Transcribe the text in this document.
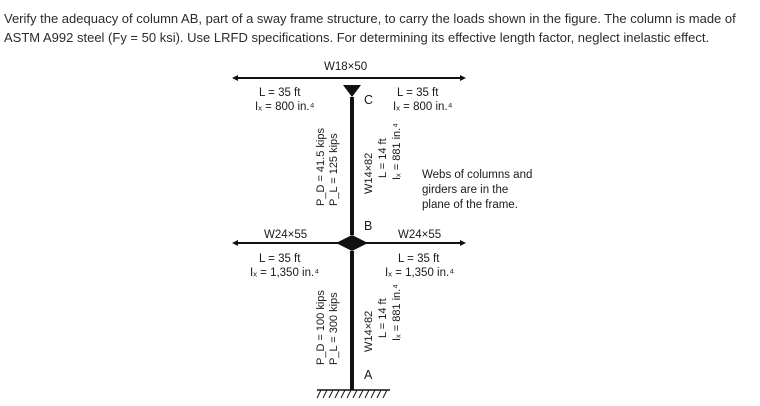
Verify the adequacy of column AB, part of a sway frame structure, to carry the loads shown in the figure. The column is made of ASTM A992 steel (Fy = 50 ksi). Use LRFD specifications. For determining its effective length factor, neglect inelastic effect.

W18×50
C
L = 35 ft
Iₓ = 800 in.⁴
L = 35 ft
Iₓ = 800 in.⁴
P_D = 41.5 kips P_L = 125 kips W14×82 L = 14 ft Iₓ = 881 in.⁴ Webs of columns and
girders are in the
plane of the frame.
B
W24×55
L = 35 ft
Iₓ = 1,350 in.⁴
W24×55
L = 35 ft
Iₓ = 1,350 in.⁴
P_D = 100 kips P_L = 300 kips W14×82 L = 14 ft Iₓ = 881 in.⁴
A
